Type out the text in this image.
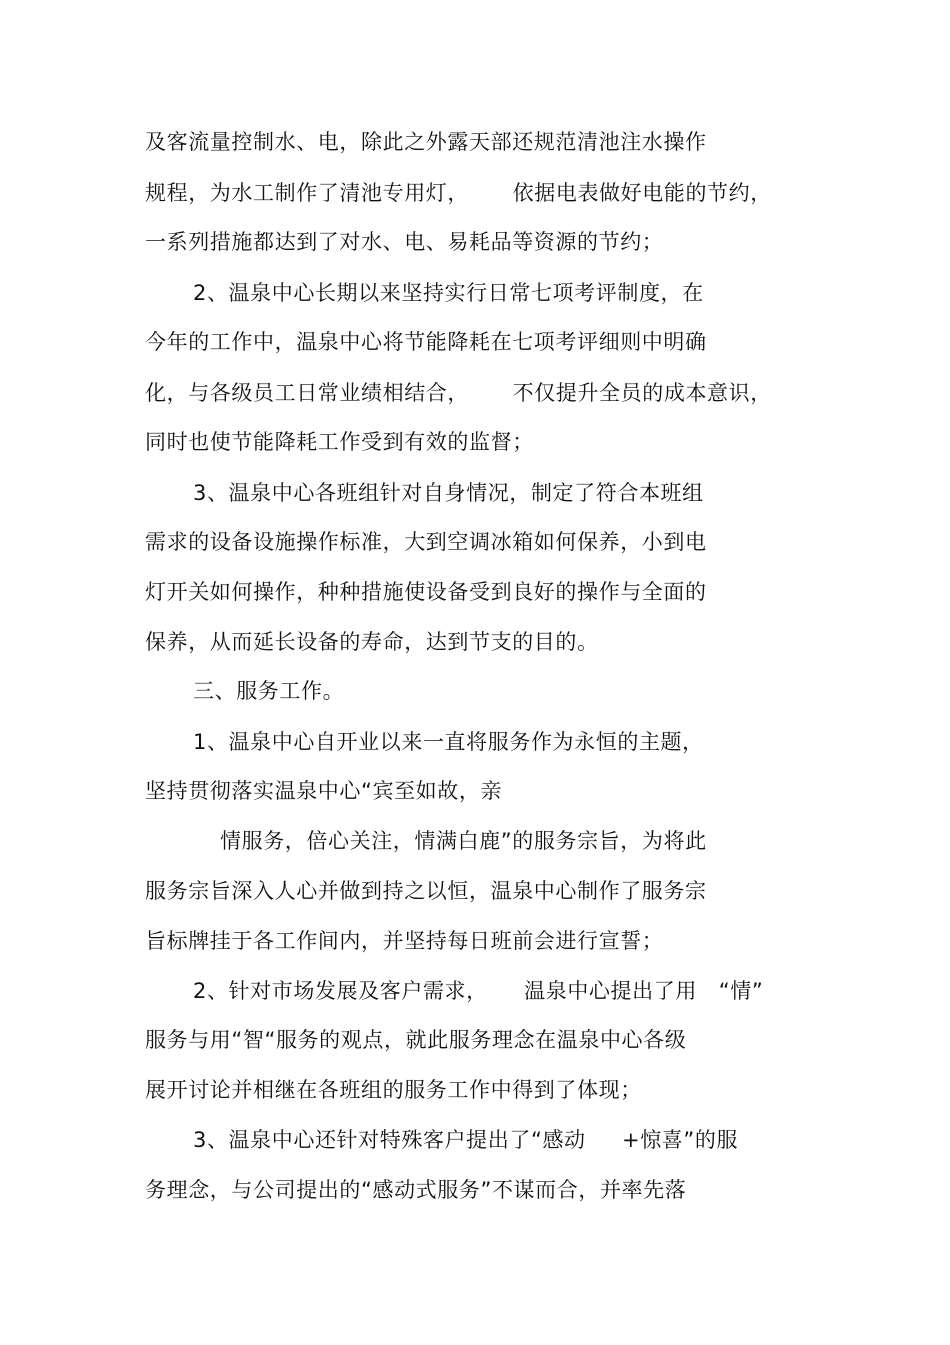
及客流量控制水、电，除此之外露天部还规范清池注水操作
规程，为水工制作了清池专用灯，      依据电表做好电能的节约，
一系列措施都达到了对水、电、易耗品等资源的节约；
2、温泉中心长期以来坚持实行日常七项考评制度，在
今年的工作中，温泉中心将节能降耗在七项考评细则中明确
化，与各级员工日常业绩相结合，      不仅提升全员的成本意识，
同时也使节能降耗工作受到有效的监督；
3、温泉中心各班组针对自身情况，制定了符合本班组
需求的设备设施操作标准，大到空调冰箱如何保养，小到电
灯开关如何操作，种种措施使设备受到良好的操作与全面的
保养，从而延长设备的寿命，达到节支的目的。
三、服务工作。
1、温泉中心自开业以来一直将服务作为永恒的主题，
坚持贯彻落实温泉中心“宾至如故，亲
情服务，倍心关注，情满白鹿”的服务宗旨，为将此
服务宗旨深入人心并做到持之以恒，温泉中心制作了服务宗
旨标牌挂于各工作间内，并坚持每日班前会进行宣誓；
2、针对市场发展及客户需求，     温泉中心提出了用   “情”
服务与用“智“服务的观点，就此服务理念在温泉中心各级
展开讨论并相继在各班组的服务工作中得到了体现；
3、温泉中心还针对特殊客户提出了“感动     +惊喜”的服
务理念，与公司提出的“感动式服务”不谋而合，并率先落
